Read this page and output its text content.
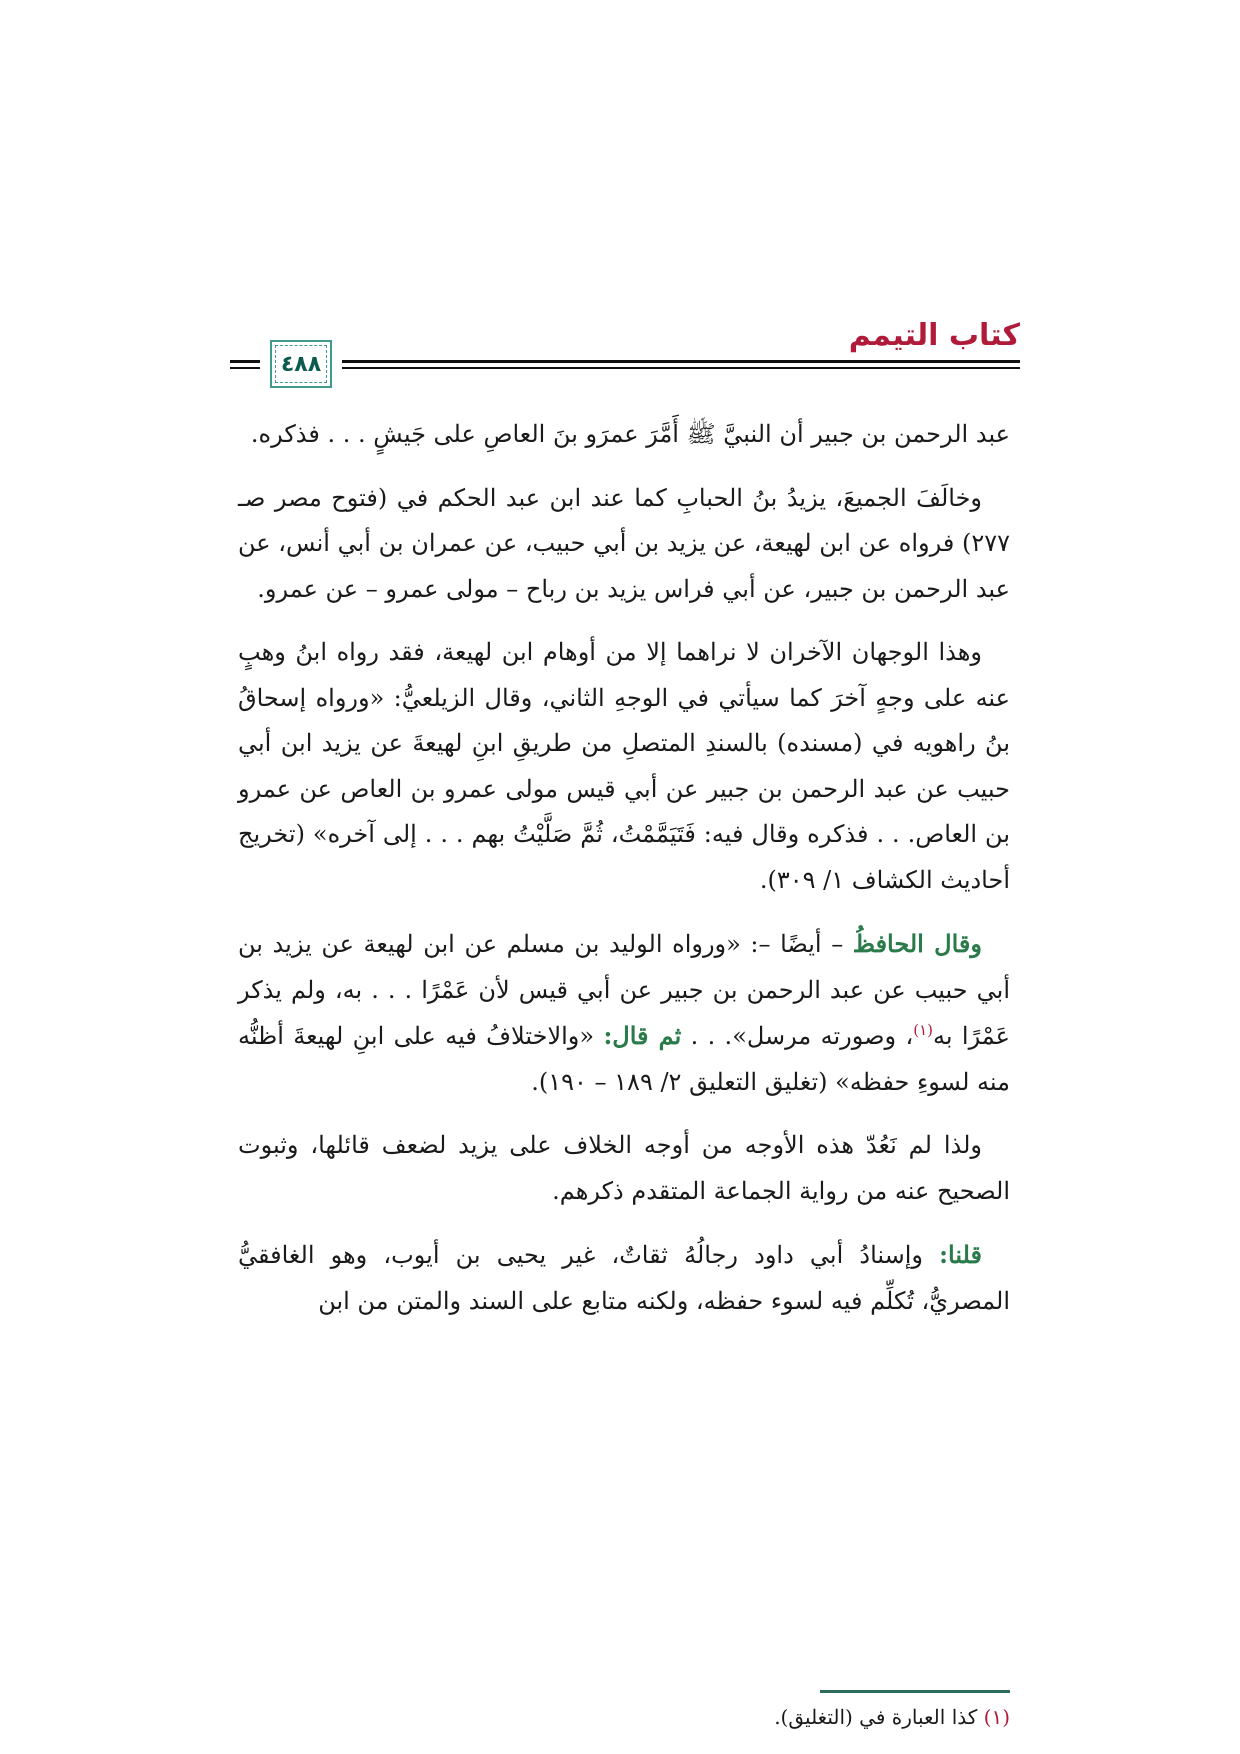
كتاب التيمم
٤٨٨

عبد الرحمن بن جبير أن النبيَّ ﷺ أَمَّرَ عمرَو بنَ العاصِ على جَيشٍ . . . فذكره.

وخالَفَ الجميعَ، يزيدُ بنُ الحبابِ كما عند ابن عبد الحكم في (فتوح مصر صـ ٢٧٧) فرواه عن ابن لهيعة، عن يزيد بن أبي حبيب، عن عمران بن أبي أنس، عن عبد الرحمن بن جبير، عن أبي فراس يزيد بن رباح – مولى عمرو – عن عمرو.

وهذا الوجهان الآخران لا نراهما إلا من أوهام ابن لهيعة، فقد رواه ابنُ وهبٍ عنه على وجهٍ آخرَ كما سيأتي في الوجهِ الثاني، وقال الزيلعيُّ: «ورواه إسحاقُ بنُ راهويه في (مسنده) بالسندِ المتصلِ من طريقِ ابنِ لهيعةَ عن يزيد ابن أبي حبيب عن عبد الرحمن بن جبير عن أبي قيس مولى عمرو بن العاص عن عمرو بن العاص. . . فذكره وقال فيه: فَتَيَمَّمْتُ، ثُمَّ صَلَّيْتُ بهم . . . إلى آخره» (تخريج أحاديث الكشاف ١/ ٣٠٩).

وقال الحافظُ – أيضًا –: «ورواه الوليد بن مسلم عن ابن لهيعة عن يزيد بن أبي حبيب عن عبد الرحمن بن جبير عن أبي قيس لأن عَمْرًا . . . به، ولم يذكر عَمْرًا به$^{(١)}$، وصورته مرسل». . . ثم قال: «والاختلافُ فيه على ابنِ لهيعةَ أظنُّه منه لسوءِ حفظه» (تغليق التعليق ٢/ ١٨٩ – ١٩٠).

ولذا لم نَعُدّ هذه الأوجه من أوجه الخلاف على يزيد لضعف قائلها، وثبوت الصحيح عنه من رواية الجماعة المتقدم ذكرهم.

قلنا: وإسنادُ أبي داود رجالُهُ ثقاتٌ، غير يحيى بن أيوب، وهو الغافقيُّ المصريُّ، تُكلِّم فيه لسوء حفظه، ولكنه متابع على السند والمتن من ابن

(١) كذا العبارة في (التغليق).
